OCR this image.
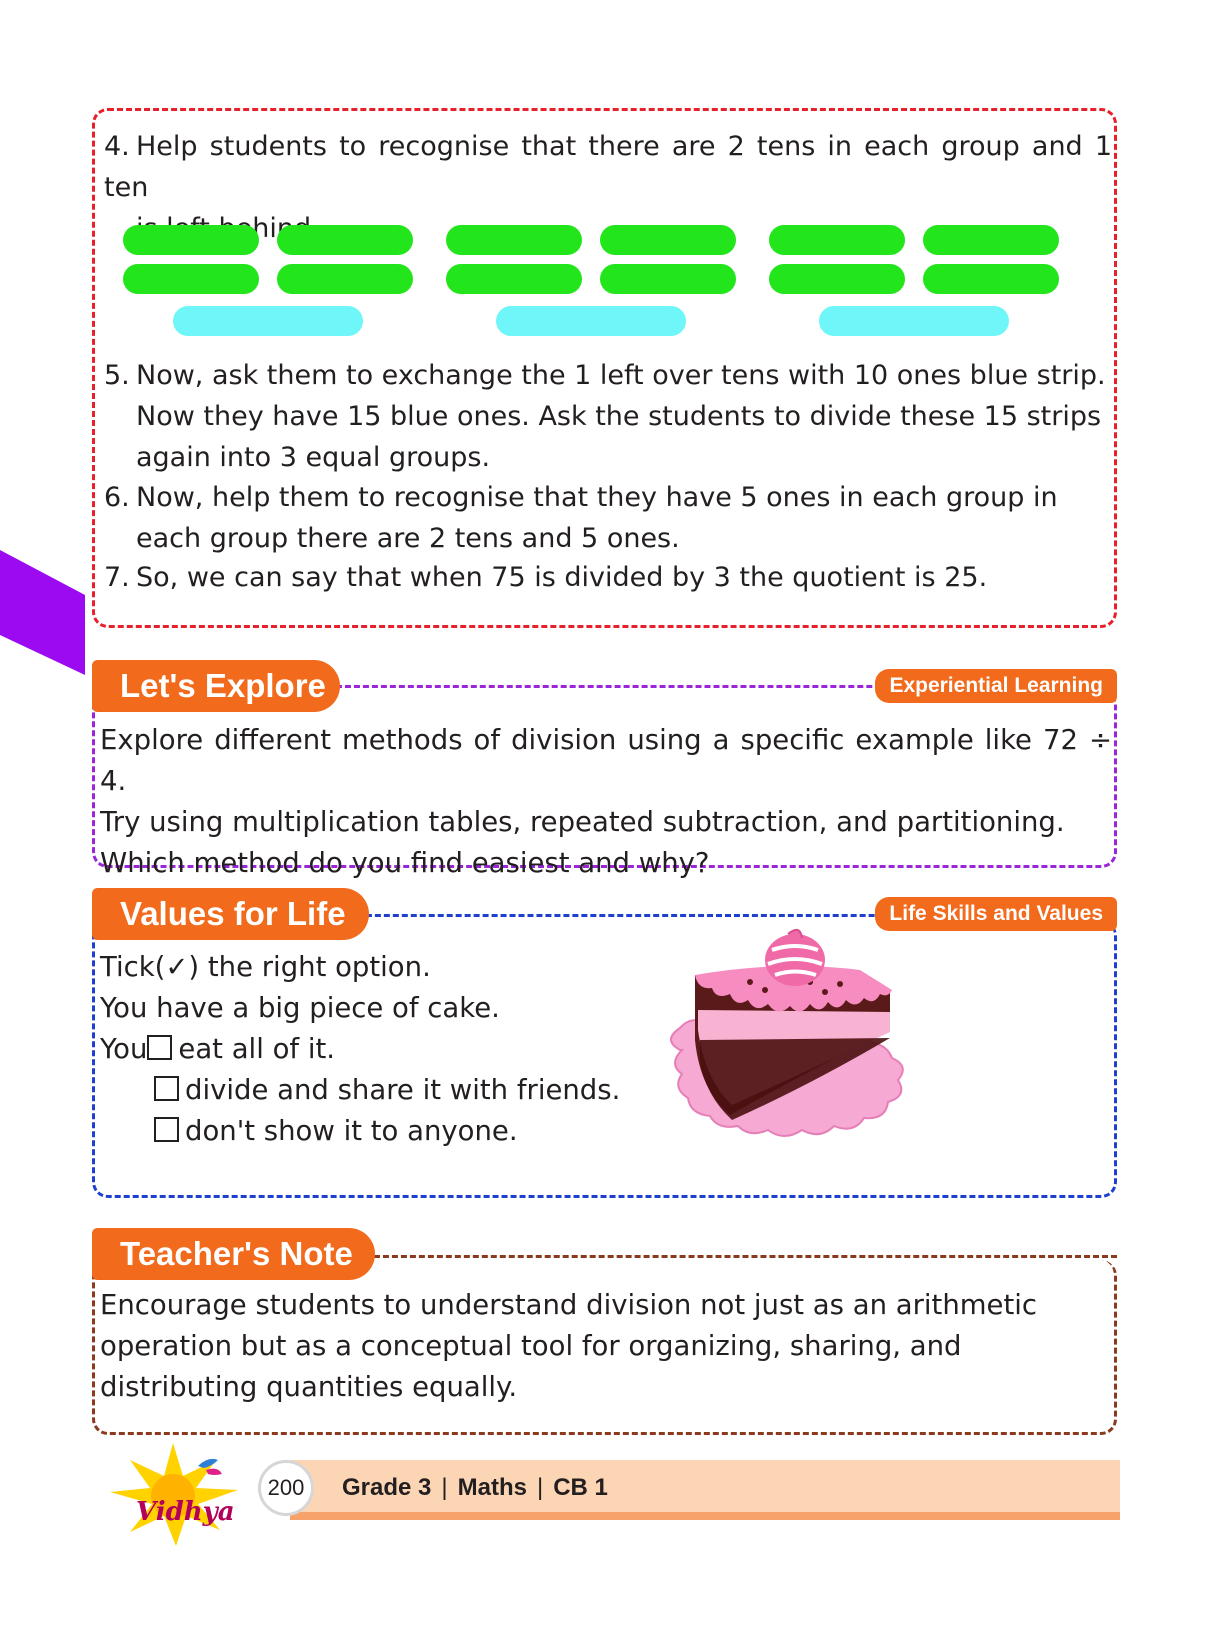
4. Help students to recognise that there are 2 tens in each group and 1 ten
behind.

5. Now, ask them to exchange the 1 left over tens with 10 ones blue strip.
Now they have 15 blue ones. Ask the students to divide these 15 strips
again into 3 equal groups.

6. Now, help them to recognise that they have 5 ones in each group in
each group there are 2 tens and 5 ones.

7. So, we can say that when 75 is divided by 3 the quotient is 25.

Let's Explore	Experiential Learning

Explore different methods of division using a specific example like 72 ÷ 4.
Try using multiplication tables, repeated subtraction, and partitioning.
Which method do you find easiest and why?

Values for Life	Life Skills and Values
Tick(✓) the right option.
You have a big piece of cake.
You eat all of it.
divide and share it with friends.
don't show it to anyone.
Teacher's Note

Encourage students to understand division not just as an arithmetic
operation but as a conceptual tool for organizing, sharing, and
distributing quantities equally.

Vidhya
200	Grade 3 | Maths | CB 1
